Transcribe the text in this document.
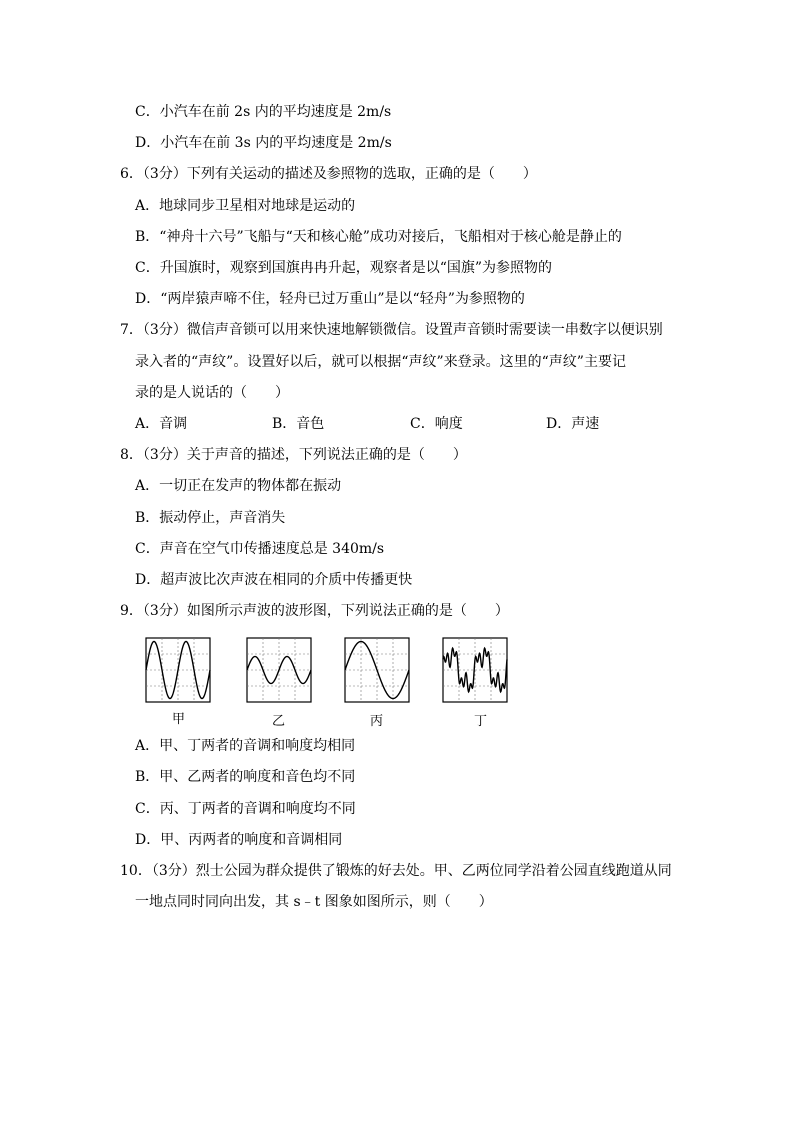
C．小汽车在前 2s 内的平均速度是 2m/s
D．小汽车在前 3s 内的平均速度是 2m/s
6．（3分）下列有关运动的描述及参照物的选取，正确的是（　　）
A．地球同步卫星相对地球是运动的
B．“神舟十六号”飞船与“天和核心舱”成功对接后，飞船相对于核心舱是静止的
C．升国旗时，观察到国旗冉冉升起，观察者是以“国旗”为参照物的
D．“两岸猿声啼不住，轻舟已过万重山”是以“轻舟”为参照物的
7．（3分）微信声音锁可以用来快速地解锁微信。设置声音锁时需要读一串数字以便识别
录入者的“声纹”。设置好以后，就可以根据“声纹”来登录。这里的“声纹”主要记
录的是人说话的（　　）
A．音调	B．音色	C．响度	D．声速
8．（3分）关于声音的描述，下列说法正确的是（　　）
A．一切正在发声的物体都在振动
B．振动停止，声音消失
C．声音在空气巾传播速度总是 340m/s
D．超声波比次声波在相同的介质中传播更快
9．（3分）如图所示声波的波形图，下列说法正确的是（　　）
甲	乙	丙	丁
A．甲、丁两者的音调和响度均相同
B．甲、乙两者的响度和音色均不同
C．丙、丁两者的音调和响度均不同
D．甲、丙两者的响度和音调相同
10．（3分）烈士公园为群众提供了锻炼的好去处。甲、乙两位同学沿着公园直线跑道从同
一地点同时同向出发，其 s﹣t 图象如图所示，则（　　）
